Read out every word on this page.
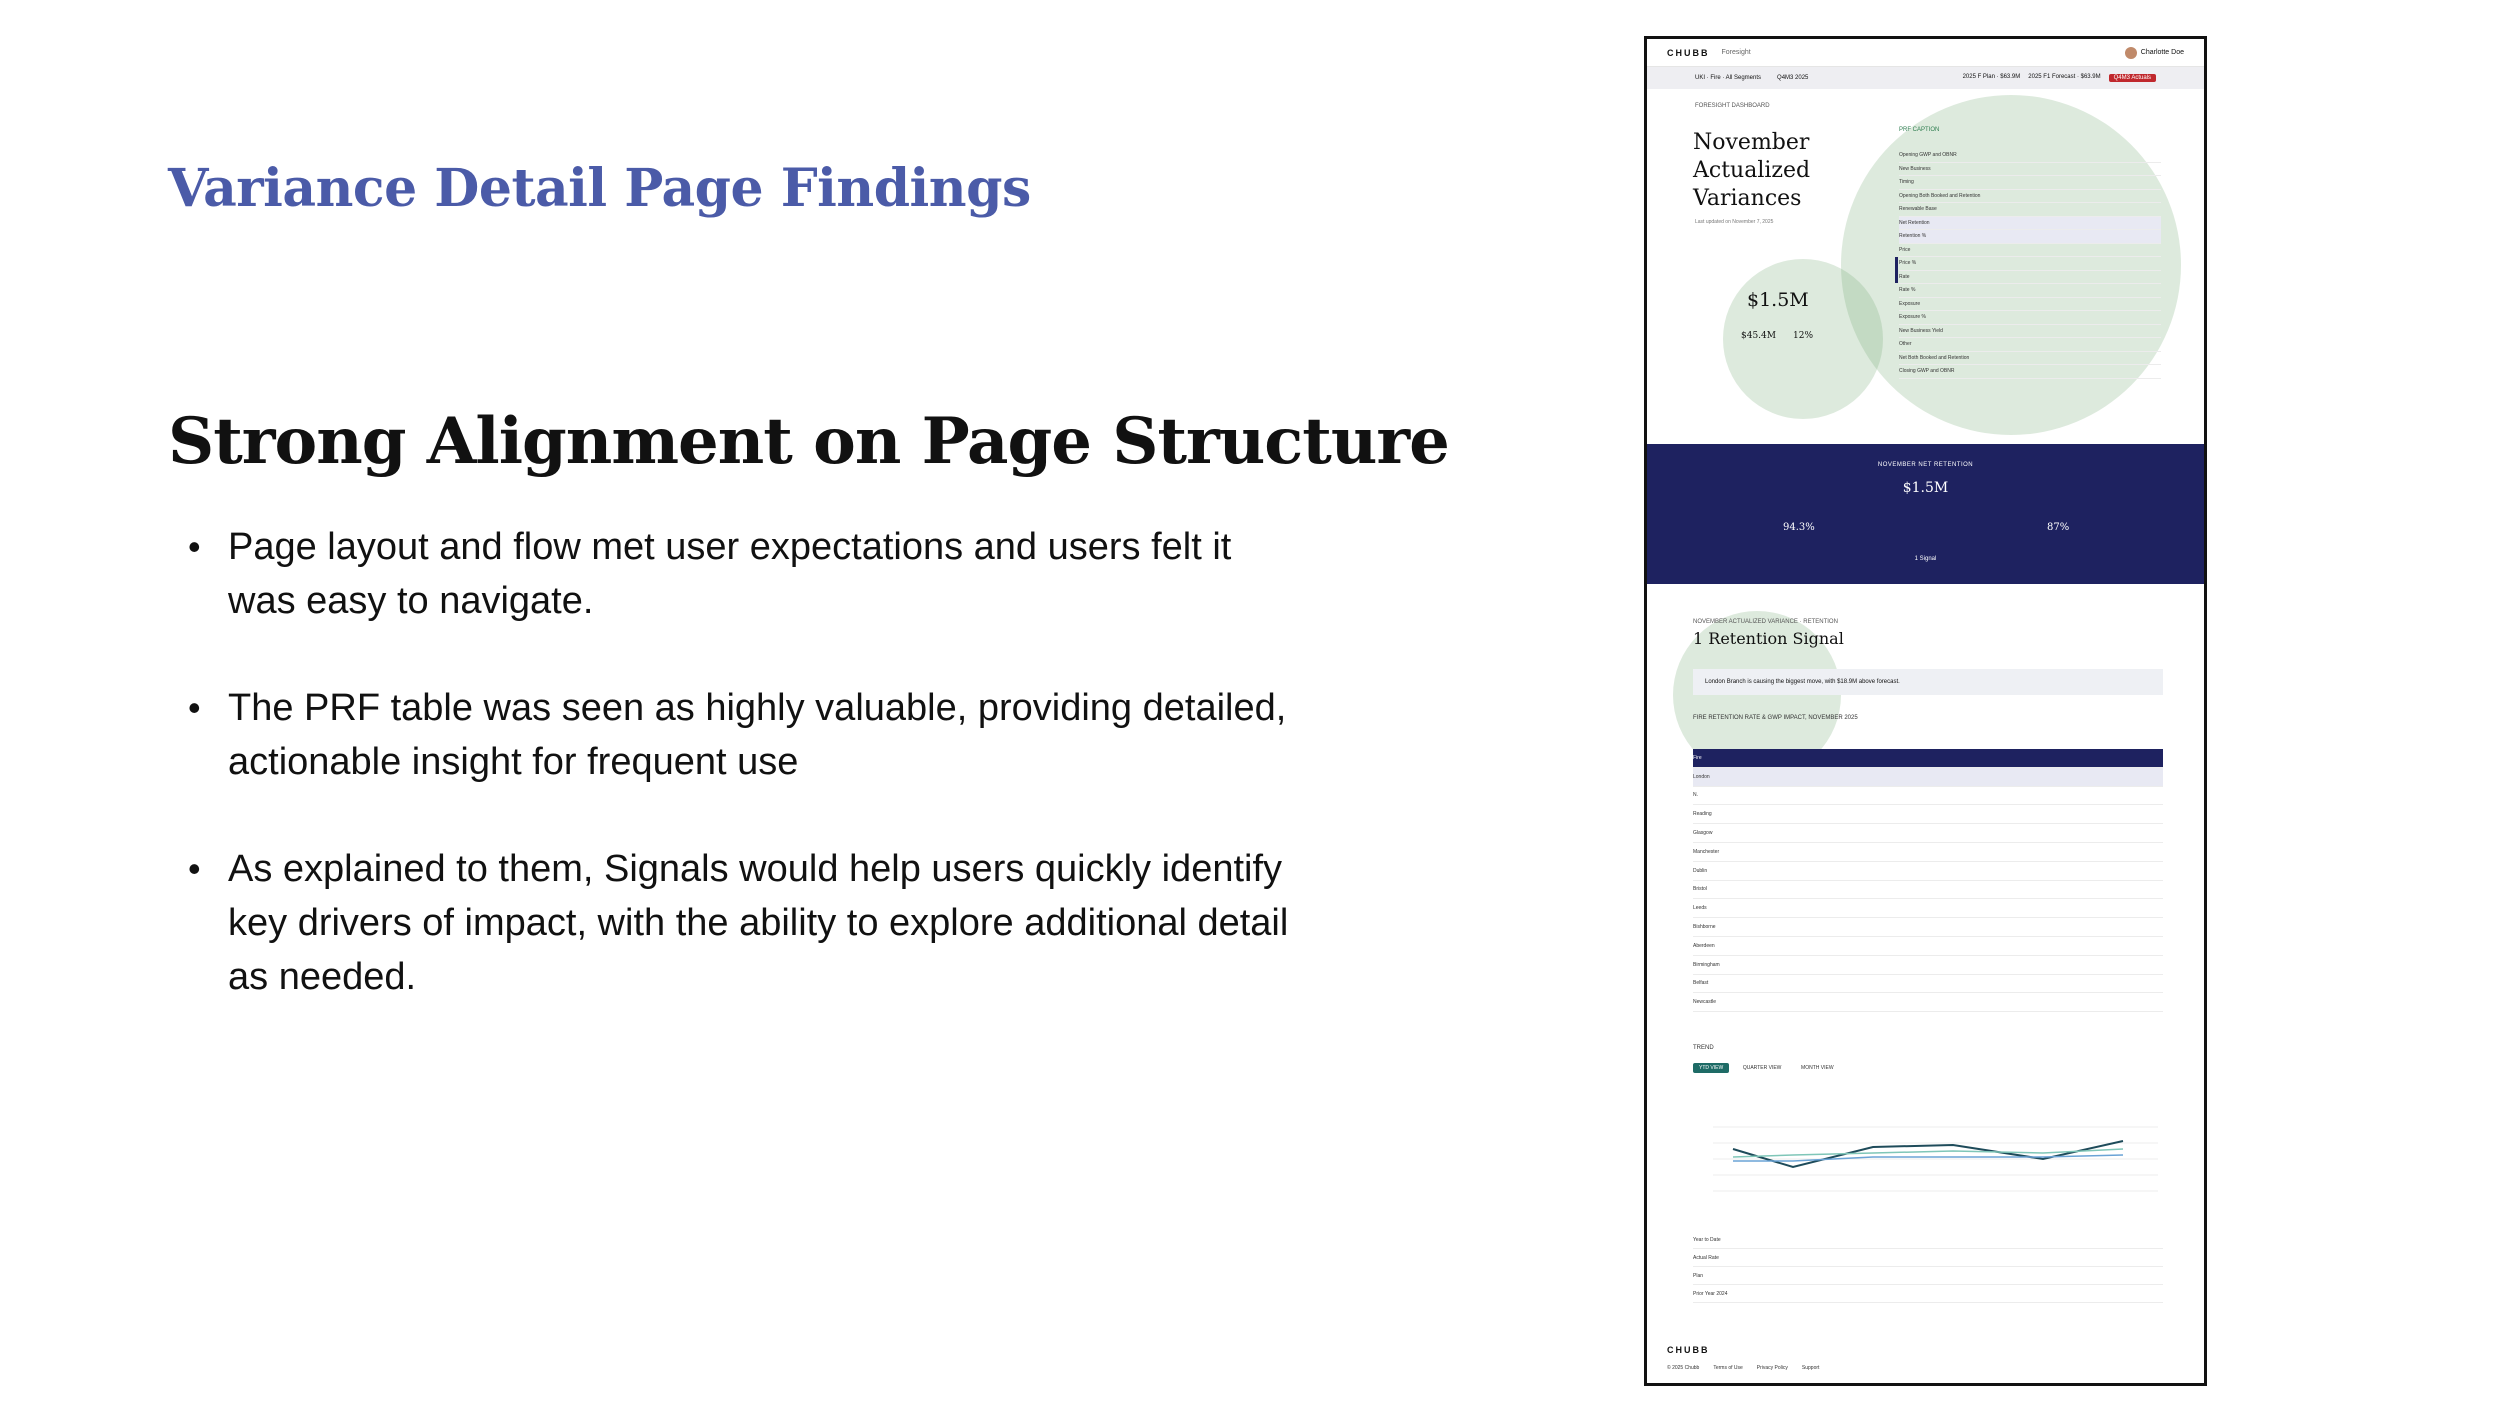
Variance Detail Page Findings
Strong Alignment on Page Structure
• Page layout and flow met user expectations and users felt it was easy to navigate.
• The PRF table was seen as highly valuable, providing detailed, actionable insight for frequent use
• As explained to them, Signals would help users quickly identify key drivers of impact, with the ability to explore additional detail as needed.
CHUBB Foresight	Charlotte Doe
UKI · Fire · All Segments	Q4M3 2025	2025 F Plan · $63.9M 2025 F1 Forecast · $63.9M	Q4M3 Actuals
FORESIGHT DASHBOARD
November Actualized Variances
Last updated on November 7, 2025
$1.5M
$45.4M 12%
PRF CAPTION
Opening GWP and OBNR
New Business
Timing
Opening Both Booked and Retention
Renewable Base
Net Retention
Retention %
Price
Price %
Rate
Rate %
Exposure
Exposure %
New Business Yield
Other
Net Both Booked and Retention
Closing GWP and OBNR
NOVEMBER NET RETENTION
$1.5M
94.3%	87%
1 Signal
NOVEMBER ACTUALIZED VARIANCE · RETENTION
1 Retention Signal
London Branch is causing the biggest move, with $18.9M above forecast.
FIRE RETENTION RATE & GWP IMPACT, NOVEMBER 2025
Fire
London
N.
Reading
Glasgow
Manchester
Dublin
Bristol
Leeds
Bishborne
Aberdeen
Birmingham
Belfast
Newcastle
TREND
YTD VIEW	QUARTER VIEW	MONTH VIEW
Year to Date
Actual Rate
Plan
Prior Year 2024
CHUBB
© 2025 Chubb	Terms of Use	Privacy Policy	Support
